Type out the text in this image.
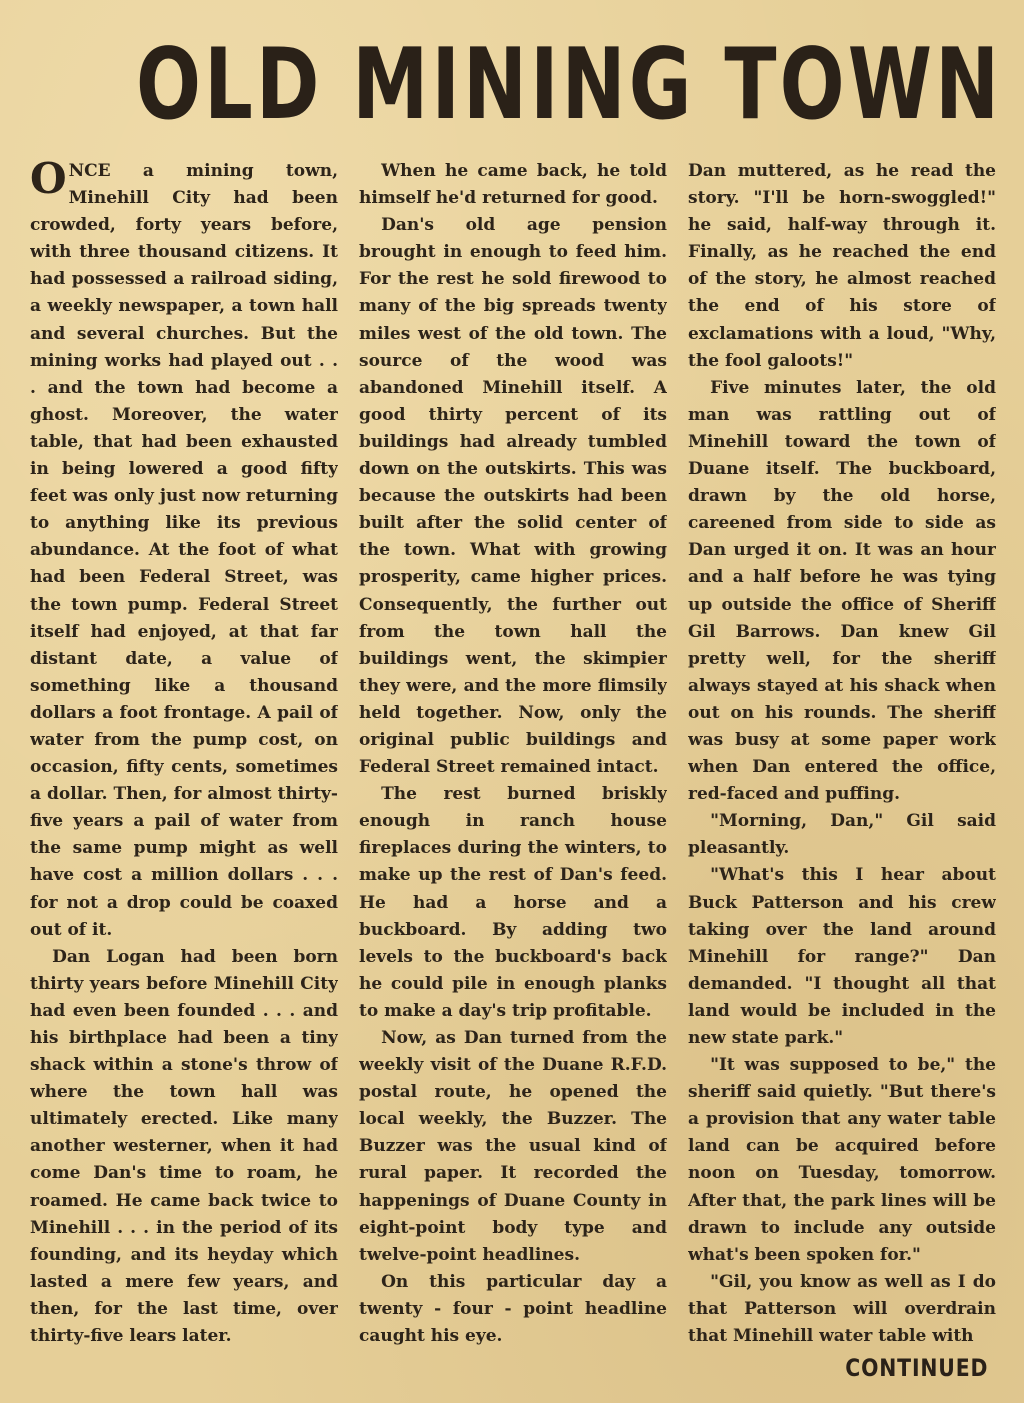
OLD MINING TOWN

ONCE a mining town, Minehill City had been crowded, forty years before, with three thousand citizens. It had possessed a railroad siding, a weekly newspaper, a town hall and several churches. But the mining works had played out . . . and the town had become a ghost. Moreover, the water table, that had been exhausted in being lowered a good fifty feet was only just now returning to anything like its previous abundance. At the foot of what had been Federal Street, was the town pump. Federal Street itself had enjoyed, at that far distant date, a value of something like a thousand dollars a foot frontage. A pail of water from the pump cost, on occasion, fifty cents, sometimes a dollar. Then, for almost thirty-five years a pail of water from the same pump might as well have cost a million dollars . . . for not a drop could be coaxed out of it.

Dan Logan had been born thirty years before Minehill City had even been founded . . . and his birthplace had been a tiny shack within a stone's throw of where the town hall was ultimately erected. Like many another westerner, when it had come Dan's time to roam, he roamed. He came back twice to Minehill . . . in the period of its founding, and its heyday which lasted a mere few years, and then, for the last time, over thirty-five lears later.

When he came back, he told himself he'd returned for good.

Dan's old age pension brought in enough to feed him. For the rest he sold firewood to many of the big spreads twenty miles west of the old town. The source of the wood was abandoned Minehill itself. A good thirty percent of its buildings had already tumbled down on the outskirts. This was because the outskirts had been built after the solid center of the town. What with growing prosperity, came higher prices. Consequently, the further out from the town hall the buildings went, the skimpier they were, and the more flimsily held together. Now, only the original public buildings and Federal Street remained intact.

The rest burned briskly enough in ranch house fireplaces during the winters, to make up the rest of Dan's feed. He had a horse and a buckboard. By adding two levels to the buckboard's back he could pile in enough planks to make a day's trip profitable.

Now, as Dan turned from the weekly visit of the Duane R.F.D. postal route, he opened the local weekly, the Buzzer. The Buzzer was the usual kind of rural paper. It recorded the happenings of Duane County in eight-point body type and twelve-point headlines.

On this particular day a twenty - four - point headline caught his eye.

Dan muttered, as he read the story. "I'll be horn-swoggled!" he said, half-way through it. Finally, as he reached the end of the story, he almost reached the end of his store of exclamations with a loud, "Why, the fool galoots!"

Five minutes later, the old man was rattling out of Minehill toward the town of Duane itself. The buckboard, drawn by the old horse, careened from side to side as Dan urged it on. It was an hour and a half before he was tying up outside the office of Sheriff Gil Barrows. Dan knew Gil pretty well, for the sheriff always stayed at his shack when out on his rounds. The sheriff was busy at some paper work when Dan entered the office, red-faced and puffing.

"Morning, Dan," Gil said pleasantly.

"What's this I hear about Buck Patterson and his crew taking over the land around Minehill for range?" Dan demanded. "I thought all that land would be included in the new state park."

"It was supposed to be," the sheriff said quietly. "But there's a provision that any water table land can be acquired before noon on Tuesday, tomorrow. After that, the park lines will be drawn to include any outside what's been spoken for."

"Gil, you know as well as I do that Patterson will overdrain that Minehill water table with

CONTINUED
